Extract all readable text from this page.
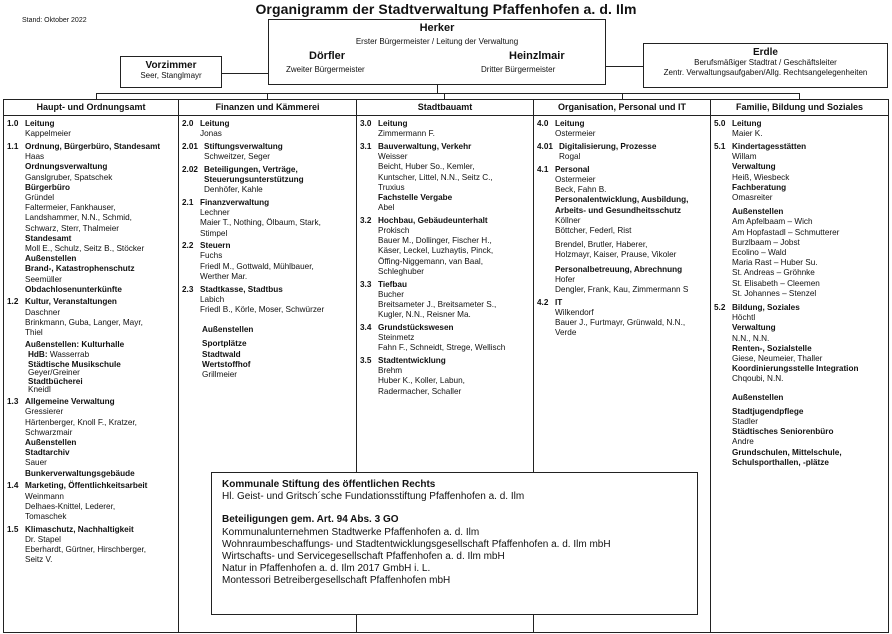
Stand: Oktober 2022
Organigramm der Stadtverwaltung Pfaffenhofen a. d. Ilm
Herker
Erster Bürgermeister / Leitung der Verwaltung
Dörfler
Zweiter Bürgermeister
Heinzlmair
Dritter Bürgermeister
Vorzimmer
Seer, Stanglmayr
Erdle
Berufsmäßiger Stadtrat / Geschäftsleiter
Zentr. Verwaltungsaufgaben/Allg. Rechtsangelegenheiten
Haupt- und Ordnungsamt
1.0 Leitung
Kappelmeier
1.1 Ordnung, Bürgerbüro, Standesamt
Haas
Ordnungsverwaltung
Ganslgruber, Spatschek
Bürgerbüro
Gründel
Faltermeier, Fankhauser,
Landshammer, N.N., Schmid,
Schwarz, Sterr, Thalmeier
Standesamt
Moll E., Schulz, Seitz B., Stöcker
Außenstellen
Brand-, Katastrophenschutz
Seemüller
Obdachlosenunterkünfte
1.2 Kultur, Veranstaltungen
Daschner
Brinkmann, Guba, Langer, Mayr,
Thiel
Außenstellen: Kulturhalle
HdB: Wasserrab
Städtische Musikschule
Geyer/Greiner
Stadtbücherei
Kneidl
1.3 Allgemeine Verwaltung
Gressierer
Härtenberger, Knoll F., Kratzer,
Schwarzmair
Außenstellen
Stadtarchiv
Sauer
Bunkerverwaltungsgebäude
1.4 Marketing, Öffentlichkeitsarbeit
Weinmann
Delhaes-Knittel, Lederer,
Tomaschek
1.5 Klimaschutz, Nachhaltigkeit
Dr. Stapel
Eberhardt, Gürtner, Hirschberger,
Seitz V.
Finanzen und Kämmerei
2.0 Leitung
Jonas
2.01 Stiftungsverwaltung
Schweitzer, Seger
2.02 Beteiligungen, Verträge,
Steuerungsunterstützung
Denhöfer, Kahle
2.1 Finanzverwaltung
Lechner
Maier T., Nothing, Ölbaum, Stark,
Stimpel
2.2 Steuern
Fuchs
Friedl M., Gottwald, Mühlbauer,
Werther Mar.
2.3 Stadtkasse, Stadtbus
Labich
Friedl B., Körle, Moser, Schwürzer
Außenstellen
Sportplätze
Stadtwald
Wertstoffhof
Grillmeier
Stadtbauamt
3.0 Leitung
Zimmermann F.
3.1 Bauverwaltung, Verkehr
Weisser
Beicht, Huber So., Kemler,
Kuntscher, Littel, N.N., Seitz C.,
Truxius
Fachstelle Vergabe
Abel
3.2 Hochbau, Gebäudeunterhalt
Prokisch
Bauer M., Dollinger, Fischer H.,
Käser, Leckel, Luzhaytis, Pinck,
Öffing-Niggemann, van Baal,
Schleghuber
3.3 Tiefbau
Bucher
Breitsameter J., Breitsameter S.,
Kugler, N.N., Reisner Ma.
3.4 Grundstückswesen
Steinmetz
Fahn F., Schneidt, Strege, Wellisch
3.5 Stadtentwicklung
Brehm
Huber K., Koller, Labun,
Radermacher, Schaller
Organisation, Personal und IT
4.0 Leitung
Ostermeier
4.01 Digitalisierung, Prozesse
Rogal
4.1 Personal
Ostermeier
Beck, Fahn B.
Personalentwicklung, Ausbildung,
Arbeits- und Gesundheitsschutz
Köllner
Böttcher, Federl, Rist
Brendel, Brutler, Haberer,
Holzmayr, Kaiser, Prause, Vikoler
Personalbetreuung, Abrechnung
Hofer
Dengler, Frank, Kau, Zimmermann S
4.2 IT
Wilkendorf
Bauer J., Furtmayr, Grünwald, N.N.,
Verde
Familie, Bildung und Soziales
5.0 Leitung
Maier K.
5.1 Kindertagesstätten
Willam
Verwaltung
Heiß, Wiesbeck
Fachberatung
Omasreiter
Außenstellen
Am Apfelbaam – Wich
Am Hopfastadl – Schmutterer
Burzlbaam – Jobst
Ecolino – Wald
Maria Rast – Huber Su.
St. Andreas – Gröhnke
St. Elisabeth – Cleemen
St. Johannes – Stenzel
5.2 Bildung, Soziales
Höchtl
Verwaltung
N.N., N.N.
Renten-, Sozialstelle
Giese, Neumeier, Thaller
Koordinierungsstelle Integration
Chqoubi, N.N.
Außenstellen
Stadtjugendpflege
Stadler
Städtisches Seniorenbüro
Andre
Grundschulen, Mittelschule,
Schulsporthallen, -plätze
Kommunale Stiftung des öffentlichen Rechts
Hl. Geist- und Gritsch´sche Fundationsstiftung Pfaffenhofen a. d. Ilm
Beteiligungen gem. Art. 94 Abs. 3 GO
Kommunalunternehmen Stadtwerke Pfaffenhofen a. d. Ilm
Wohnraumbeschaffungs- und Stadtentwicklungsgesellschaft Pfaffenhofen a. d. Ilm mbH
Wirtschafts- und Servicegesellschaft Pfaffenhofen a. d. Ilm mbH
Natur in Pfaffenhofen a. d. Ilm 2017 GmbH i. L.
Montessori Betreibergesellschaft Pfaffenhofen mbH
